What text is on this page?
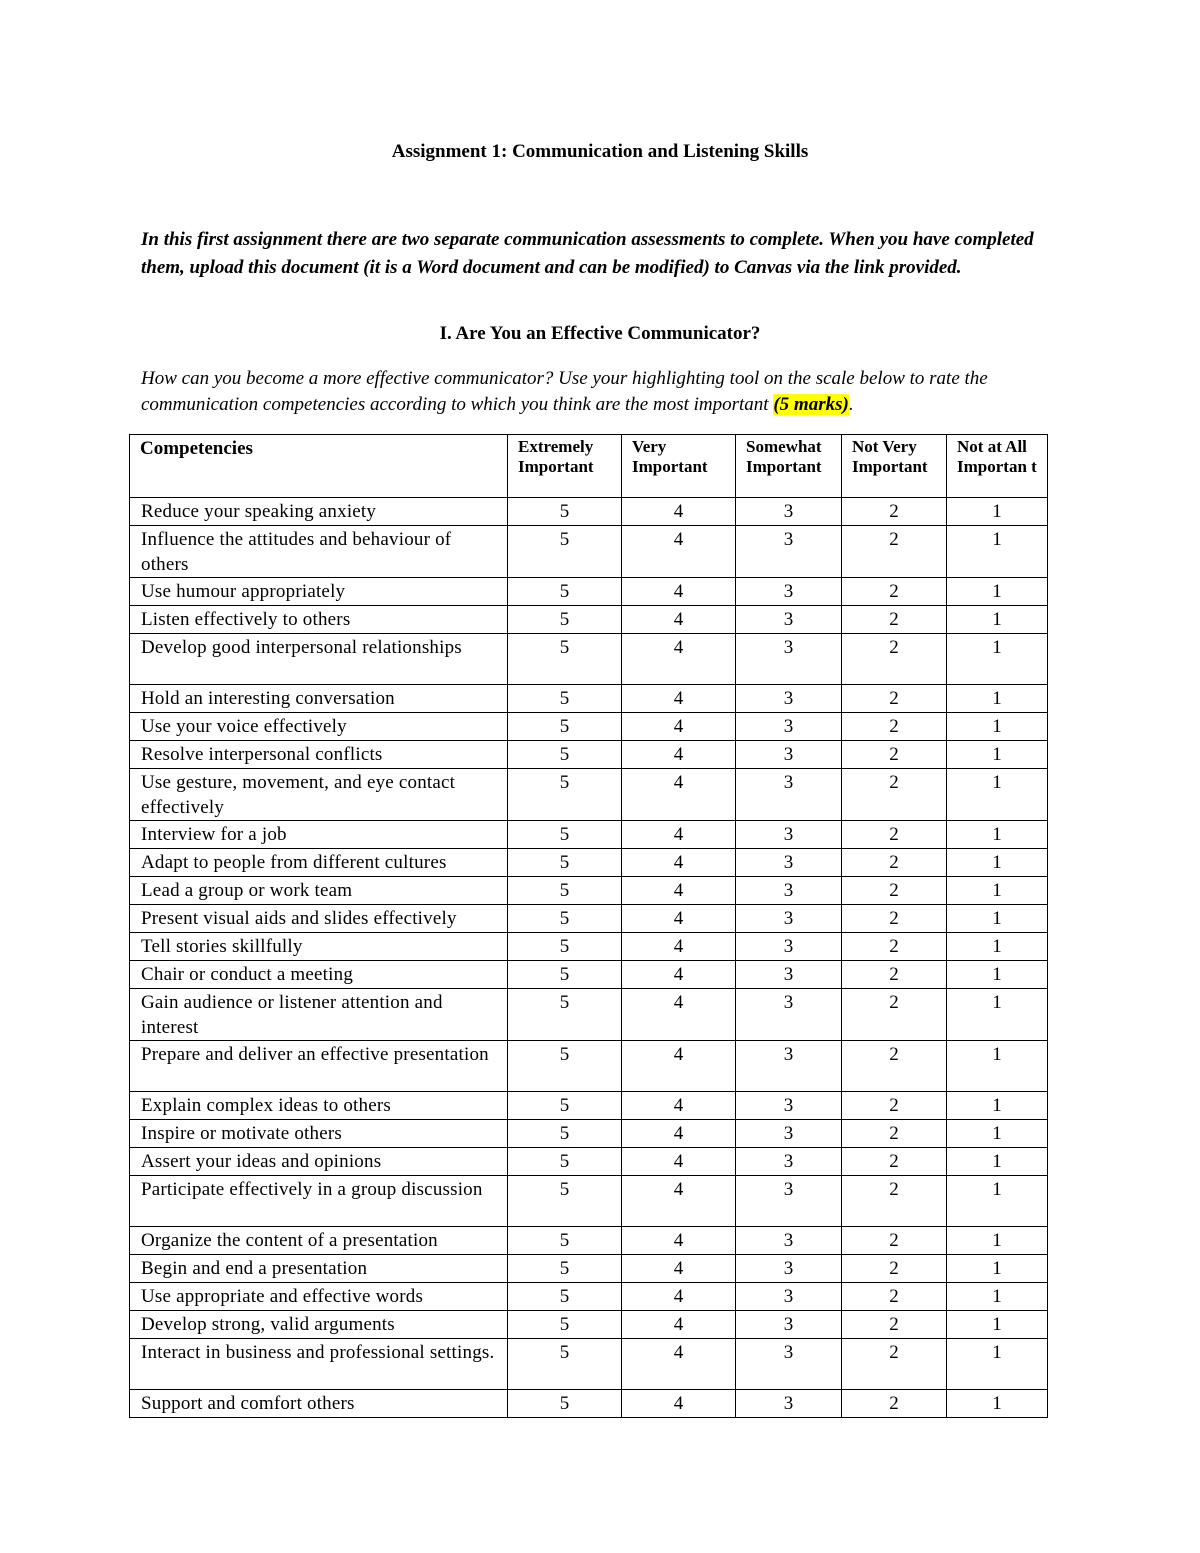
Assignment 1: Communication and Listening Skills
In this first assignment there are two separate communication assessments to complete. When you have completed them, upload this document (it is a Word document and can be modified) to Canvas via the link provided.
I. Are You an Effective Communicator?
How can you become a more effective communicator? Use your highlighting tool on the scale below to rate the communication competencies according to which you think are the most important (5 marks).
Competencies	Extremely Important	Very Important	Somewhat Important	Not Very Important	Not at All Importan t
Reduce your speaking anxiety	5	4	3	2	1
Influence the attitudes and behaviour of others	5	4	3	2	1
Use humour appropriately	5	4	3	2	1
Listen effectively to others	5	4	3	2	1
Develop good interpersonal relationships	5	4	3	2	1
Hold an interesting conversation	5	4	3	2	1
Use your voice effectively	5	4	3	2	1
Resolve interpersonal conflicts	5	4	3	2	1
Use gesture, movement, and eye contact effectively	5	4	3	2	1
Interview for a job	5	4	3	2	1
Adapt to people from different cultures	5	4	3	2	1
Lead a group or work team	5	4	3	2	1
Present visual aids and slides effectively	5	4	3	2	1
Tell stories skillfully	5	4	3	2	1
Chair or conduct a meeting	5	4	3	2	1
Gain audience or listener attention and interest	5	4	3	2	1
Prepare and deliver an effective presentation	5	4	3	2	1
Explain complex ideas to others	5	4	3	2	1
Inspire or motivate others	5	4	3	2	1
Assert your ideas and opinions	5	4	3	2	1
Participate effectively in a group discussion	5	4	3	2	1
Organize the content of a presentation	5	4	3	2	1
Begin and end a presentation	5	4	3	2	1
Use appropriate and effective words	5	4	3	2	1
Develop strong, valid arguments	5	4	3	2	1
Interact in business and professional settings.	5	4	3	2	1
Support and comfort others	5	4	3	2	1
